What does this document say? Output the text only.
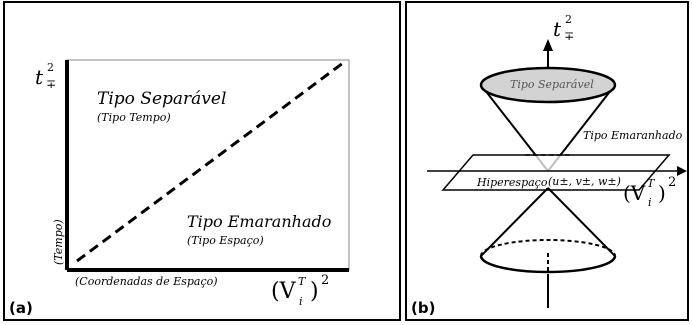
t 2
∓
(Tempo)
Tipo Separável
(Tipo Tempo)
Tipo Emaranhado
(Tipo Espaço)
(Coordenadas de Espaço) (V T
i ) 2
(a)
t 2
∓
Tipo Separável
Tipo Emaranhado
Hiperespaço (u±, v±, w±) (V T
i ) 2
(b)
